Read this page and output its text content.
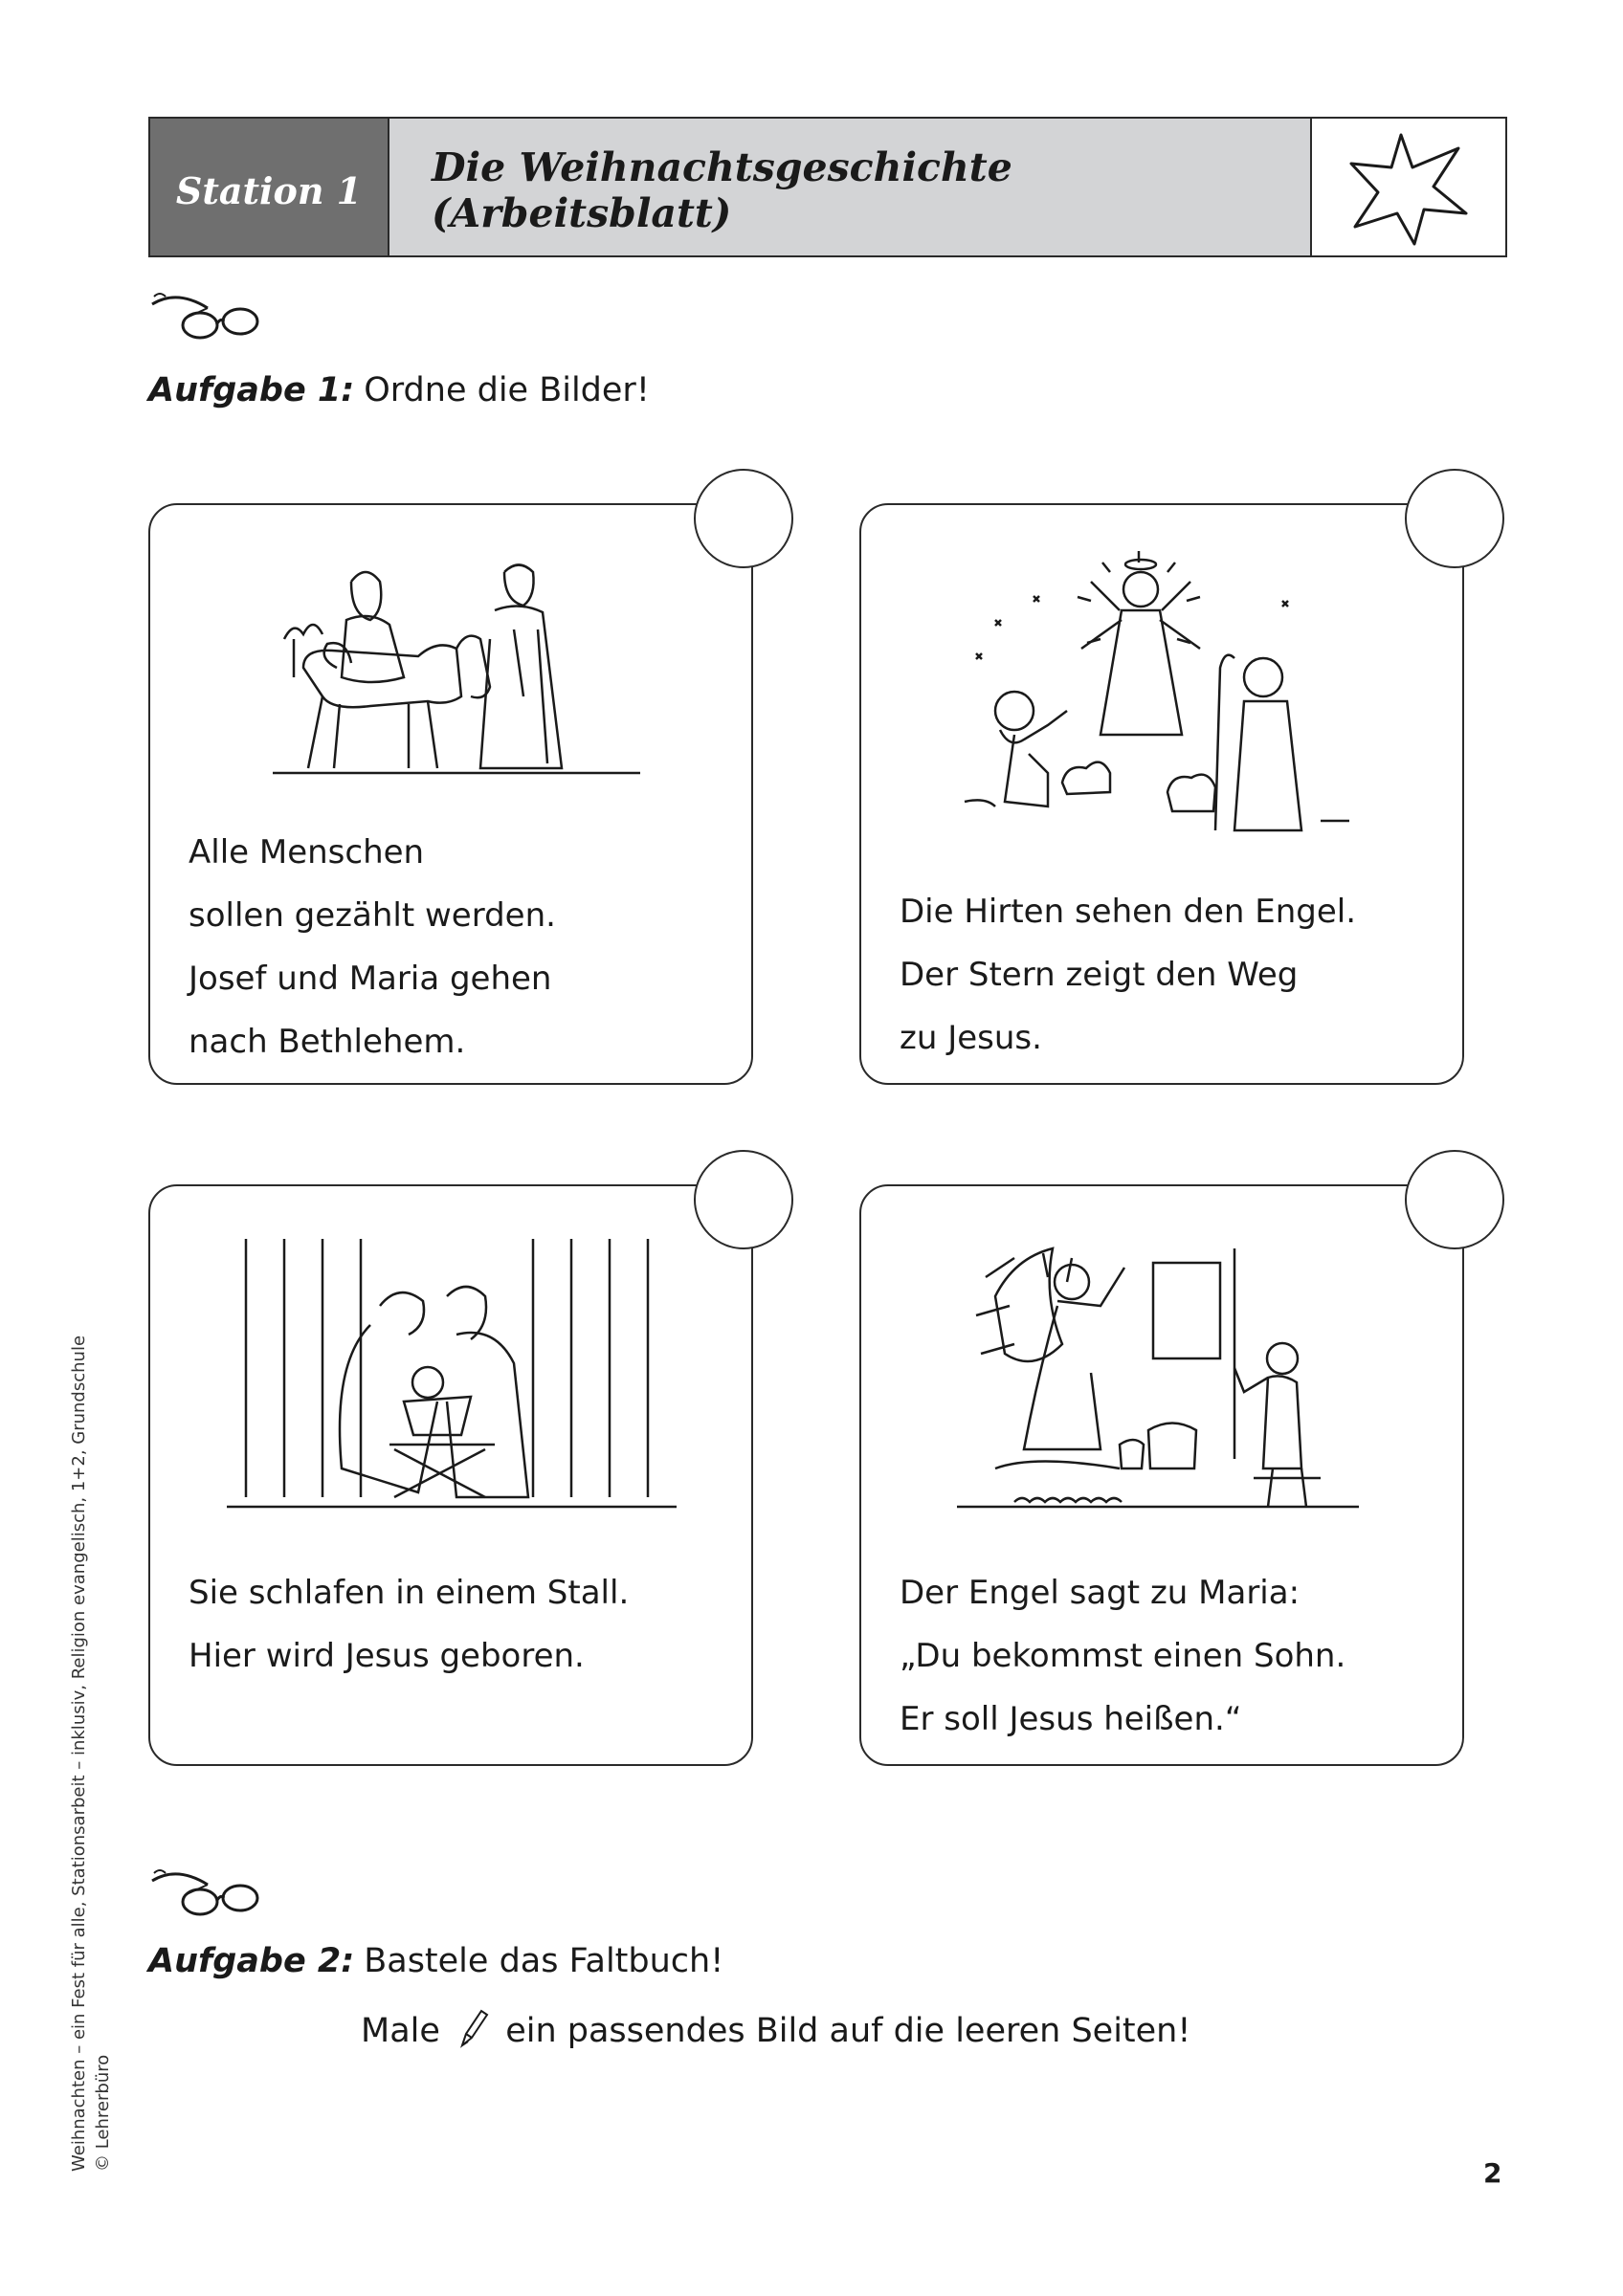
Station 1
Die Weihnachtsgeschichte (Arbeitsblatt)
Aufgabe 1: Ordne die Bilder!
Alle Menschen
sollen gezählt werden.
Josef und Maria gehen
nach Bethlehem.
Die Hirten sehen den Engel.
Der Stern zeigt den Weg
zu Jesus.
Sie schlafen in einem Stall.
Hier wird Jesus geboren.
Der Engel sagt zu Maria:
„Du bekommst einen Sohn.
Er soll Jesus heißen.“
Aufgabe 2: Bastele das Faltbuch!
Male ein passendes Bild auf die leeren Seiten!
Weihnachten – ein Fest für alle, Stationsarbeit – inklusiv, Religion evangelisch, 1+2, Grundschule © Lehrerbüro
2
